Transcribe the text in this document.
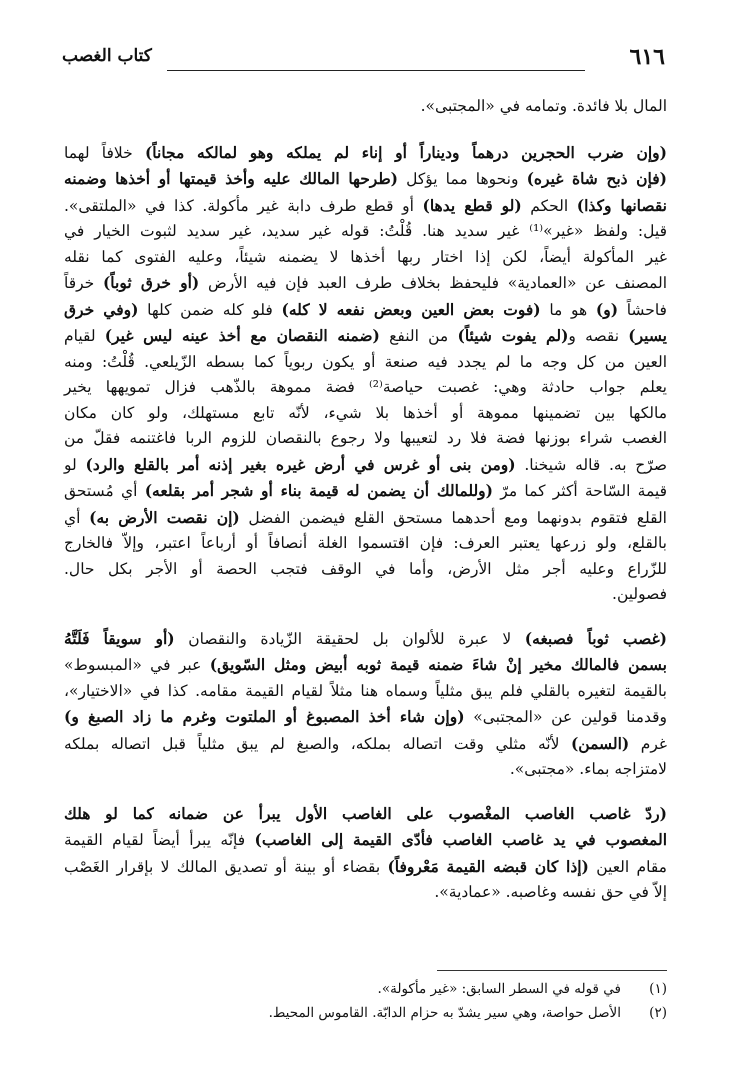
٦١٦
كتاب الغصب
المال بلا فائدة. وتمامه في «المجتبى».
(وإن ضرب الحجرين درهماً وديناراً أو إناء لم يملكه وهو لمالكه مجاناً) خلافاً لهما
(فإن ذبح شاة غيره) ونحوها مما يؤكل (طرحها المالك عليه وأخذ قيمتها أو أخذها وضمنه
نقصانها وكذا) الحكم (لو قطع يدها) أو قطع طرف دابة غير مأكولة. كذا في «الملتقى».
قيل: ولفظ «غير»⁽¹⁾ غير سديد هنا. قُلْتُ: قوله غير سديد، غير سديد لثبوت الخيار في
غير المأكولة أيضاً، لكن إذا اختار ربها أخذها لا يضمنه شيئاً، وعليه الفتوى كما نقله
المصنف عن «العمادية» فليحفظ بخلاف طرف العبد فإن فيه الأرض (أو خرق ثوباً) خرقاً
فاحشاً (و) هو ما (فوت بعض العين وبعض نفعه لا كله) فلو كله ضمن كلها (وفي خرق
يسير) نقصه و(لم يفوت شيئاً) من النفع (ضمنه النقصان مع أخذ عينه ليس غير) لقيام
العين من كل وجه ما لم يجدد فيه صنعة أو يكون ربوياً كما بسطه الزّيلعي. قُلْتُ: ومنه
يعلم جواب حادثة وهي: غصبت حياصة⁽²⁾ فضة مموهة بالذّهب فزال تمويهها يخير
مالكها بين تضمينها مموهة أو أخذها بلا شيء، لأنّه تابع مستهلك، ولو كان مكان
الغصب شراء بوزنها فضة فلا رد لتعيبها ولا رجوع بالنقصان للزوم الربا فاغتنمه فقلّ من
صرّح به. قاله شيخنا. (ومن بنى أو غرس في أرض غيره بغير إذنه أمر بالقلع والرد) لو
قيمة السّاحة أكثر كما مرّ (وللمالك أن يضمن له قيمة بناء أو شجر أمر بقلعه) أي مُستحق
القلع فتقوم بدونهما ومع أحدهما مستحق القلع فيضمن الفضل (إن نقصت الأرض به) أي
بالقلع، ولو زرعها يعتبر العرف: فإن اقتسموا الغلة أنصافاً أو أرباعاً اعتبر، وإلاّ فالخارج
للزّراع وعليه أجر مثل الأرض، وأما في الوقف فتجب الحصة أو الأجر بكل حال.
فصولين.
(غصب ثوباً فصبغه) لا عبرة للألوان بل لحقيقة الزّيادة والنقصان (أو سويقاً فَلَتَّهُ
بسمن فالمالك مخير إنْ شاءَ ضمنه قيمة ثوبه أبيض ومثل السّويق) عبر في «المبسوط»
بالقيمة لتغيره بالقلي فلم يبق مثلياً وسماه هنا مثلاً لقيام القيمة مقامه. كذا في «الاختيار»،
وقدمنا قولين عن «المجتبى» (وإن شاء أخذ المصبوغ أو الملتوت وغرم ما زاد الصبغ و)
غرم (السمن) لأنّه مثلي وقت اتصاله بملكه، والصبغ لم يبق مثلياً قبل اتصاله بملكه
لامتزاجه بماء. «مجتبى».
(ردّ غاصب الغاصب المغْصوب على الغاصب الأول يبرأ عن ضمانه كما لو هلك
المغصوب في يد غاصب الغاصب فأدّى القيمة إلى الغاصب) فإنّه يبرأ أيضاً لقيام القيمة
مقام العين (إذا كان قبضه القيمة مَعْروفاً) بقضاء أو بينة أو تصديق المالك لا بإقرار الغَصْب
إلاّ في حق نفسه وغاصبه. «عمادية».
(١)
في قوله في السطر السابق: «غير مأكولة».
(٢)
الأصل حواصة، وهي سير يشدّ به حزام الدابّة. القاموس المحيط.
